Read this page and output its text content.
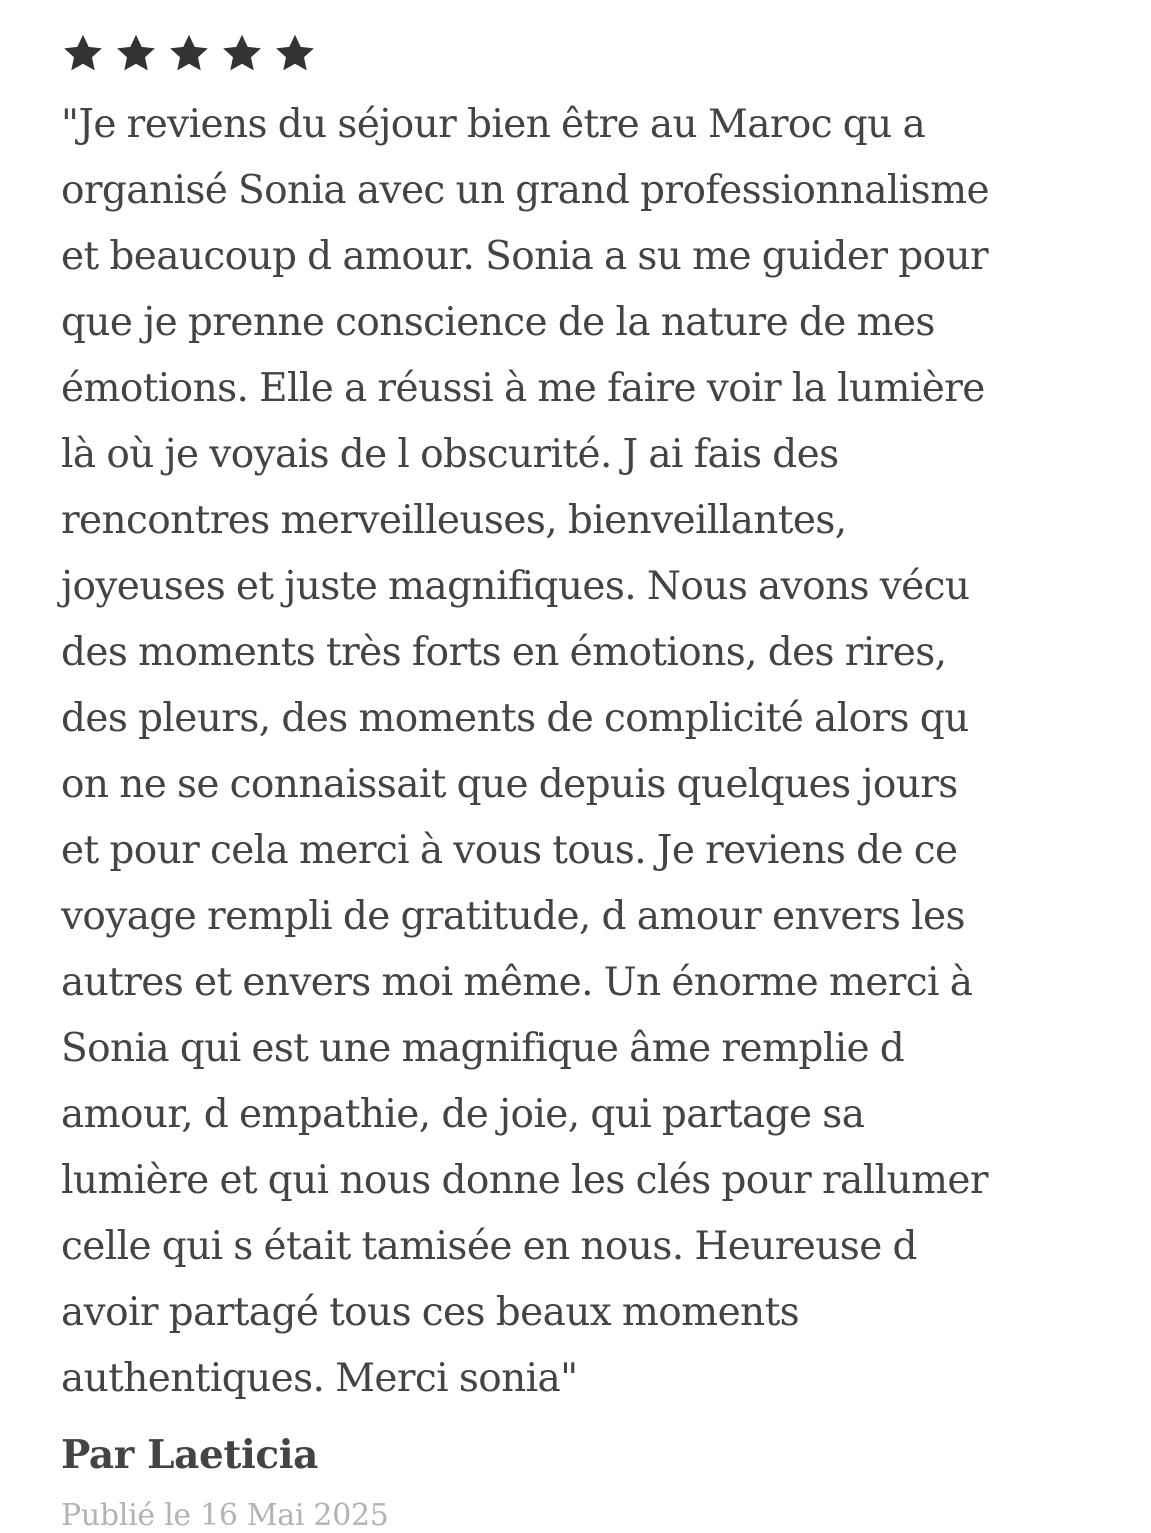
"Je reviens du séjour bien être au Maroc qu a
organisé Sonia avec un grand professionnalisme
et beaucoup d amour. Sonia a su me guider pour
que je prenne conscience de la nature de mes
émotions. Elle a réussi à me faire voir la lumière
là où je voyais de l obscurité. J ai fais des
rencontres merveilleuses, bienveillantes,
joyeuses et juste magnifiques. Nous avons vécu
des moments très forts en émotions, des rires,
des pleurs, des moments de complicité alors qu
on ne se connaissait que depuis quelques jours
et pour cela merci à vous tous. Je reviens de ce
voyage rempli de gratitude, d amour envers les
autres et envers moi même. Un énorme merci à
Sonia qui est une magnifique âme remplie d
amour, d empathie, de joie, qui partage sa
lumière et qui nous donne les clés pour rallumer
celle qui s était tamisée en nous. Heureuse d
avoir partagé tous ces beaux moments
authentiques. Merci sonia"

Par Laeticia
Publié le 16 Mai 2025
